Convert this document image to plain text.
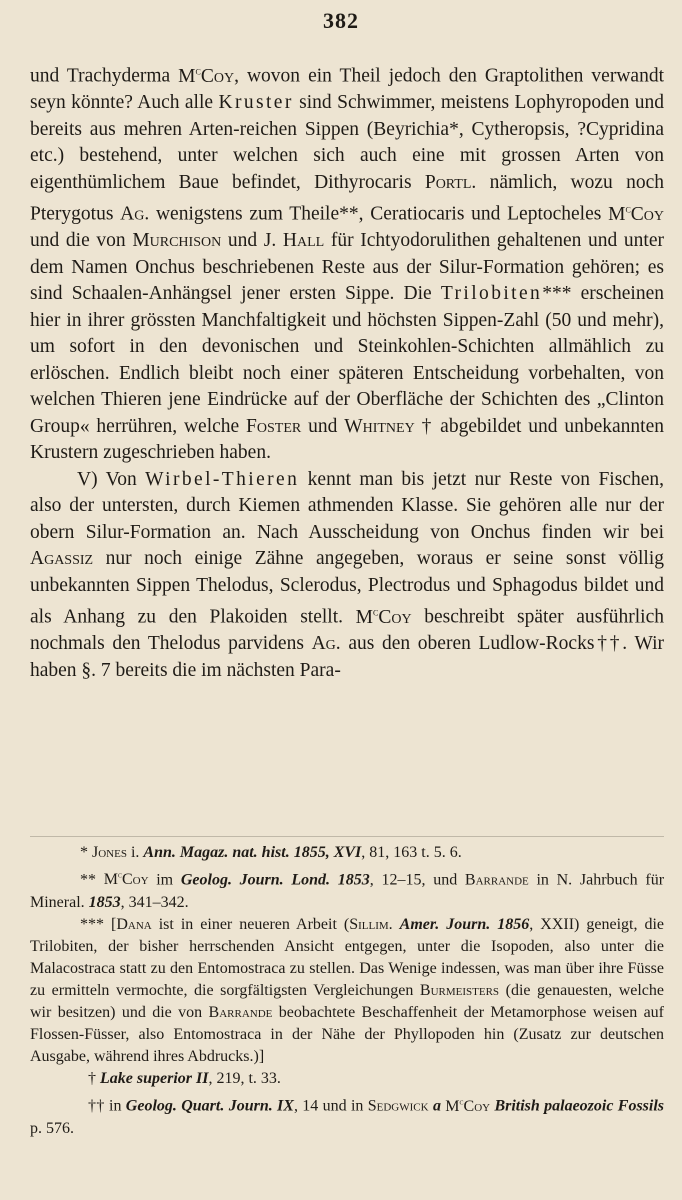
382

und Trachyderma $M^cCoy$, wovon ein Theil jedoch den Graptolithen verwandt seyn könnte? Auch alle Kruster sind Schwimmer, meistens Lophyropoden und bereits aus mehren Arten-reichen Sippen (Beyrichia*, Cytheropsis, ?Cypridina etc.) bestehend, unter welchen sich auch eine mit grossen Arten von eigenthümlichem Baue befindet, Dithyrocaris Portl. nämlich, wozu noch Pterygotus Ag. wenigstens zum Theile**, Ceratiocaris und Leptocheles $M^cCoy$ und die von Murchison und J. Hall für Ichtyodorulithen gehaltenen und unter dem Namen Onchus beschriebenen Reste aus der Silur-Formation gehören; es sind Schaalen-Anhängsel jener ersten Sippe. Die Trilobiten*** erscheinen hier in ihrer grössten Manchfaltigkeit und höchsten Sippen-Zahl (50 und mehr), um sofort in den devonischen und Steinkohlen-Schichten allmählich zu erlöschen. Endlich bleibt noch einer späteren Entscheidung vorbehalten, von welchen Thieren jene Eindrücke auf der Oberfläche der Schichten des „Clinton Group« herrühren, welche Foster und Whitney † abgebildet und unbekannten Krustern zugeschrieben haben.

V) Von Wirbel-Thieren kennt man bis jetzt nur Reste von Fischen, also der untersten, durch Kiemen athmenden Klasse. Sie gehören alle nur der obern Silur-Formation an. Nach Ausscheidung von Onchus finden wir bei Agassiz nur noch einige Zähne angegeben, woraus er seine sonst völlig unbekannten Sippen Thelodus, Sclerodus, Plectrodus und Sphagodus bildet und als Anhang zu den Plakoiden stellt. $M^cCoy$ beschreibt später ausführlich nochmals den Thelodus parvidens Ag. aus den oberen Ludlow-Rocks††. Wir haben §. 7 bereits die im nächsten Para-

* Jones i. Ann. Magaz. nat. hist. 1855, XVI, 81, 163 t. 5. 6.

** $M^cCoy$ im Geolog. Journ. Lond. 1853, 12–15, und Barrande in N. Jahrbuch für Mineral. 1853, 341–342.

*** [Dana ist in einer neueren Arbeit (Sillim. Amer. Journ. 1856, XXII) geneigt, die Trilobiten, der bisher herrschenden Ansicht entgegen, unter die Isopoden, also unter die Malacostraca statt zu den Entomostraca zu stellen. Das Wenige indessen, was man über ihre Füsse zu ermitteln vermochte, die sorgfältigsten Vergleichungen Burmeisters (die genauesten, welche wir besitzen) und die von Barrande beobachtete Beschaffenheit der Metamorphose weisen auf Flossen-Füsser, also Entomostraca in der Nähe der Phyllopoden hin (Zusatz zur deutschen Ausgabe, während ihres Abdrucks.)]

† Lake superior II, 219, t. 33.

†† in Geolog. Quart. Journ. IX, 14 und in Sedgwick a $M^cCoy$ British palaeozoic Fossils p. 576.
